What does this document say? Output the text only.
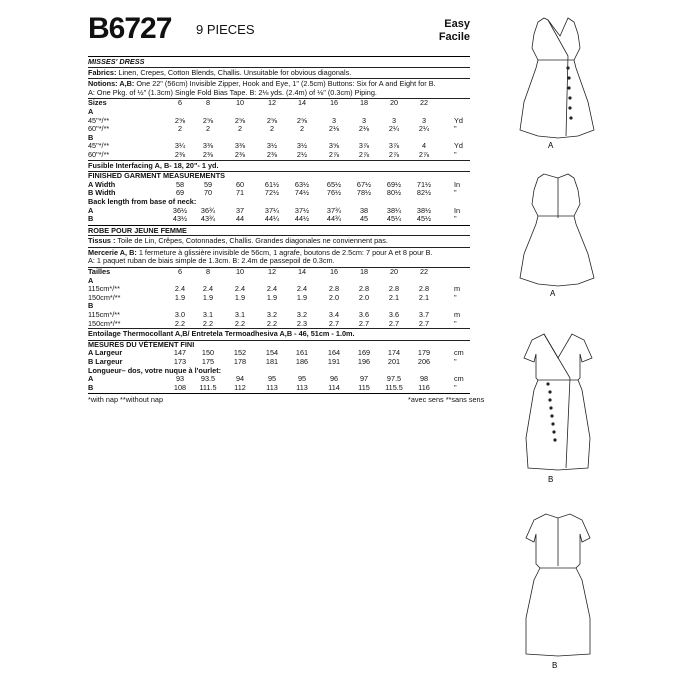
B6727 9 PIECES	Easy
Facile
MISSES' DRESS
Fabrics: Linen, Crepes, Cotton Blends, Challis. Unsuitable for obvious diagonals.
Notions: A,B: One 22" (56cm) Invisible Zipper, Hook and Eye, 1" (2.5cm) Buttons: Six for A and Eight for B.
A: One Pkg. of ½" (1.3cm) Single Fold Bias Tape. B: 2⅛ yds. (2.4m) of ⅛" (0.3cm) Piping.
Sizes	6	8	10	12	14	16	18	20	22
A
45"*/**	2⅝	2⅝	2⅝	2⅝	2⅝	3	3	3	3	Yd
60"*/**	2	2	2	2	2	2⅛	2⅛	2¼	2¼	"
B
45"*/**	3¼	3⅜	3⅜	3½	3½	3⅝	3⅞	3⅞	4	Yd
60"*/**	2⅜	2⅜	2⅜	2⅜	2½	2⅞	2⅞	2⅞	2⅞	"
Fusible Interfacing A, B- 18, 20"- 1 yd.
FINISHED GARMENT MEASUREMENTS
A Width	58	59	60	61½	63½	65½	67½	69½	71½	In
B Width	69	70	71	72½	74½	76½	78½	80½	82½	"
Back length from base of neck:
A	36½	36¾	37	37¼	37½	37¾	38	38¼	38½	In
B	43½	43¾	44	44¼	44½	44¾	45	45¼	45½	"
ROBE POUR JEUNE FEMME
Tissus : Toile de Lin, Crêpes, Cotonnades, Challis. Grandes diagonales ne conviennent pas.
Mercerie A, B: 1 fermeture à glissière invisible de 56cm, 1 agrafe, boutons de 2.5cm: 7 pour A et 8 pour B.
A: 1 paquet ruban de biais simple de 1.3cm. B: 2.4m de passepoil de 0.3cm.
Tailles	6	8	10	12	14	16	18	20	22
A
115cm*/**	2.4	2.4	2.4	2.4	2.4	2.8	2.8	2.8	2.8	m
150cm*/**	1.9	1.9	1.9	1.9	1.9	2.0	2.0	2.1	2.1	"
B
115cm*/**	3.0	3.1	3.1	3.2	3.2	3.4	3.6	3.6	3.7	m
150cm*/**	2.2	2.2	2.2	2.2	2.3	2.7	2.7	2.7	2.7	"
Entoilage Thermocollant A,B/ Entretela Termoadhesiva A,B - 46, 51cm - 1.0m.
MESURES DU VÊTEMENT FINI
A Largeur	147	150	152	154	161	164	169	174	179	cm
B Largeur	173	175	178	181	186	191	196	201	206	"
Longueur– dos, votre nuque à l'ourlet:
A	93	93.5	94	95	95	96	97	97.5	98	cm
B	108	111.5	112	113	113	114	115	115.5	116	"
*with nap **without nap	*avec sens **sans sens
A
A
B
B
